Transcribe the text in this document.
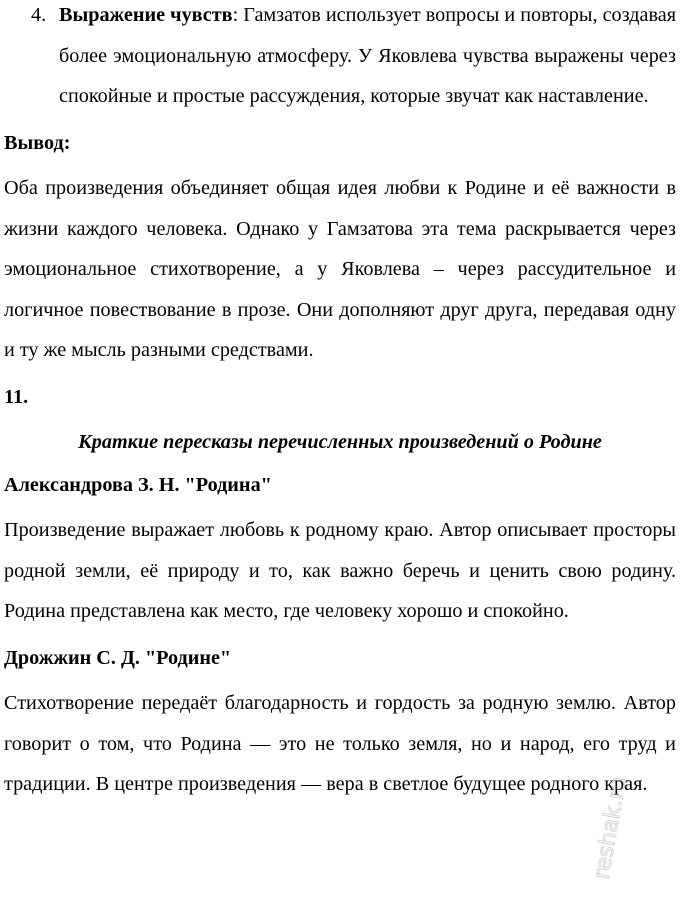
4. Выражение чувств: Гамзатов использует вопросы и повторы, создавая более эмоциональную атмосферу. У Яковлева чувства выражены через спокойные и простые рассуждения, которые звучат как наставление.

Вывод:

Оба произведения объединяет общая идея любви к Родине и её важности в жизни каждого человека. Однако у Гамзатова эта тема раскрывается через эмоциональное стихотворение, а у Яковлева – через рассудительное и логичное повествование в прозе. Они дополняют друг друга, передавая одну и ту же мысль разными средствами.

11.

Краткие пересказы перечисленных произведений о Родине

Александрова З. Н. "Родина"

Произведение выражает любовь к родному краю. Автор описывает просторы родной земли, её природу и то, как важно беречь и ценить свою родину. Родина представлена как место, где человеку хорошо и спокойно.

Дрожжин С. Д. "Родине"

Стихотворение передаёт благодарность и гордость за родную землю. Автор говорит о том, что Родина — это не только земля, но и народ, его труд и традиции. В центре произведения — вера в светлое будущее родного края.

reshak.ru
